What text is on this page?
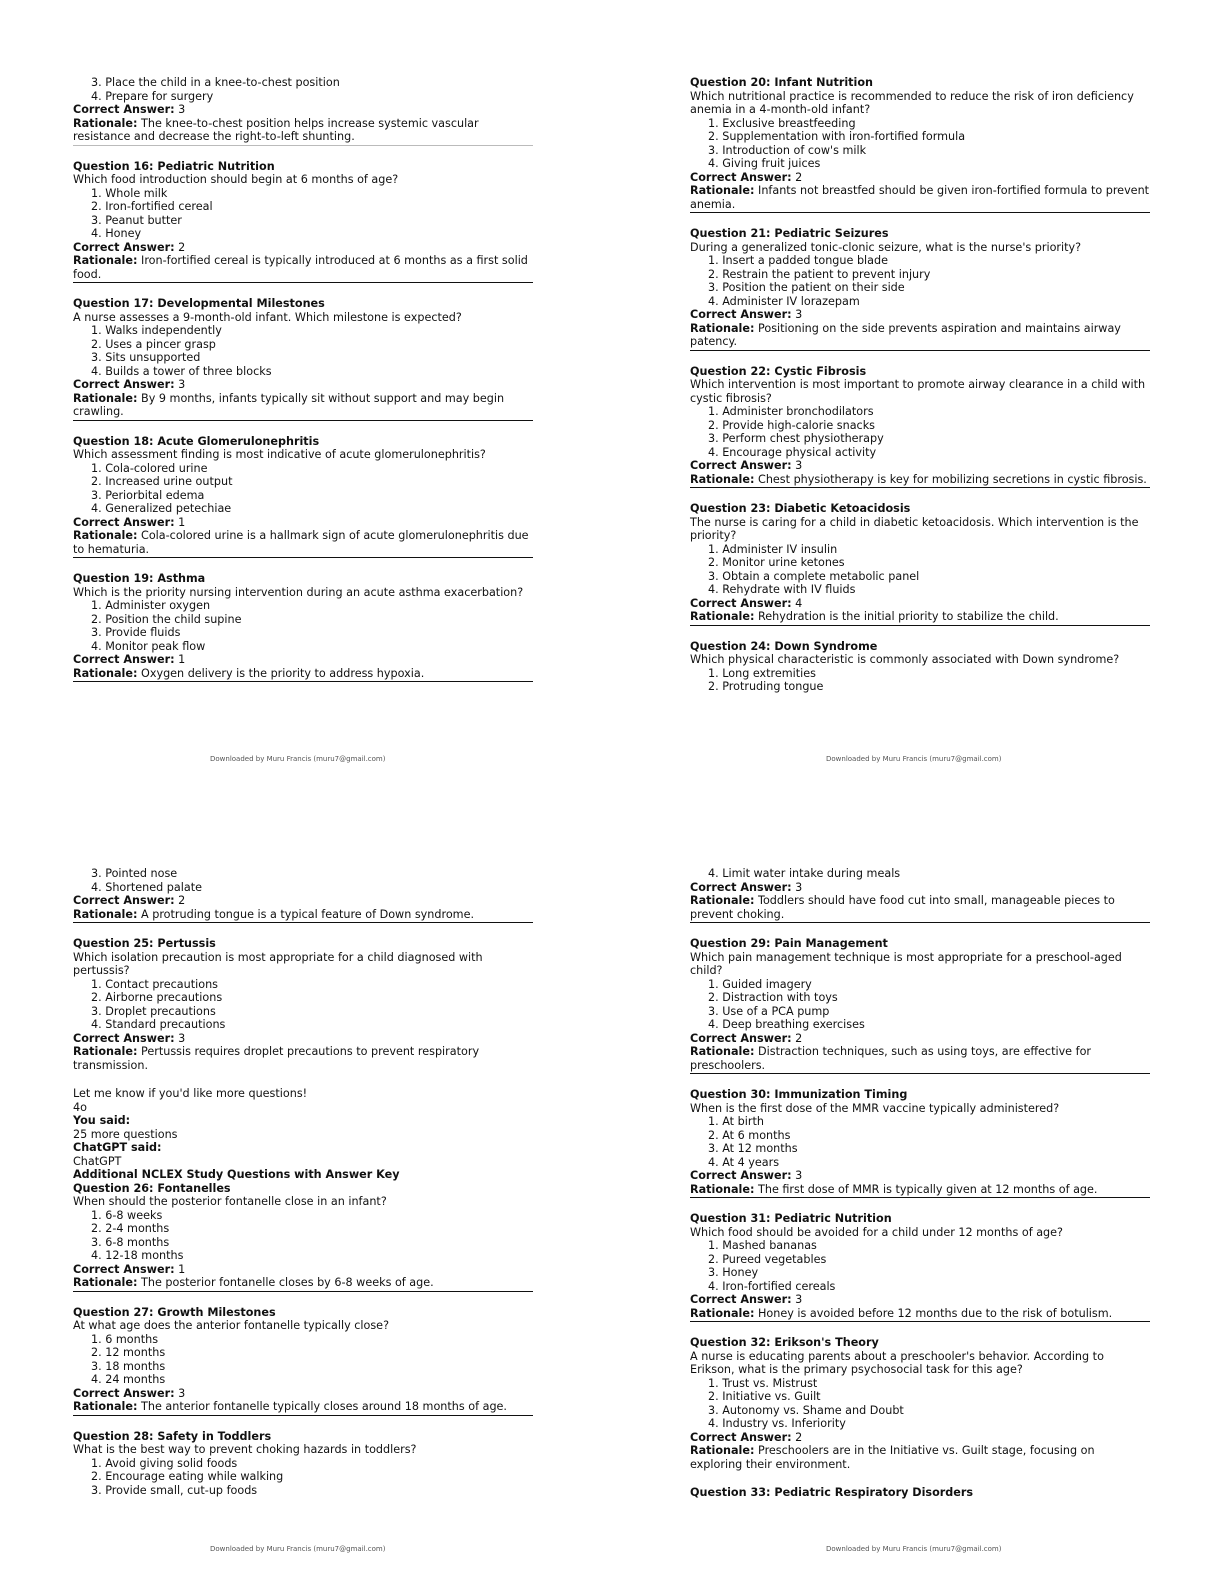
3. Place the child in a knee-to-chest position
4. Prepare for surgery
Correct Answer: 3
Rationale: The knee-to-chest position helps increase systemic vascular resistance and decrease the right-to-left shunting.
Question 16: Pediatric Nutrition
Which food introduction should begin at 6 months of age?
1. Whole milk
2. Iron-fortified cereal
3. Peanut butter
4. Honey
Correct Answer: 2
Rationale: Iron-fortified cereal is typically introduced at 6 months as a first solid food.
Question 17: Developmental Milestones
A nurse assesses a 9-month-old infant. Which milestone is expected?
1. Walks independently
2. Uses a pincer grasp
3. Sits unsupported
4. Builds a tower of three blocks
Correct Answer: 3
Rationale: By 9 months, infants typically sit without support and may begin crawling.
Question 18: Acute Glomerulonephritis
Which assessment finding is most indicative of acute glomerulonephritis?
1. Cola-colored urine
2. Increased urine output
3. Periorbital edema
4. Generalized petechiae
Correct Answer: 1
Rationale: Cola-colored urine is a hallmark sign of acute glomerulonephritis due to hematuria.
Question 19: Asthma
Which is the priority nursing intervention during an acute asthma exacerbation?
1. Administer oxygen
2. Position the child supine
3. Provide fluids
4. Monitor peak flow
Correct Answer: 1
Rationale: Oxygen delivery is the priority to address hypoxia.
Downloaded by Muru Francis (muru7@gmail.com)
Question 20: Infant Nutrition
Which nutritional practice is recommended to reduce the risk of iron deficiency anemia in a 4-month-old infant?
1. Exclusive breastfeeding
2. Supplementation with iron-fortified formula
3. Introduction of cow's milk
4. Giving fruit juices
Correct Answer: 2
Rationale: Infants not breastfed should be given iron-fortified formula to prevent anemia.
Question 21: Pediatric Seizures
During a generalized tonic-clonic seizure, what is the nurse's priority?
1. Insert a padded tongue blade
2. Restrain the patient to prevent injury
3. Position the patient on their side
4. Administer IV lorazepam
Correct Answer: 3
Rationale: Positioning on the side prevents aspiration and maintains airway patency.
Question 22: Cystic Fibrosis
Which intervention is most important to promote airway clearance in a child with cystic fibrosis?
1. Administer bronchodilators
2. Provide high-calorie snacks
3. Perform chest physiotherapy
4. Encourage physical activity
Correct Answer: 3
Rationale: Chest physiotherapy is key for mobilizing secretions in cystic fibrosis.
Question 23: Diabetic Ketoacidosis
The nurse is caring for a child in diabetic ketoacidosis. Which intervention is the priority?
1. Administer IV insulin
2. Monitor urine ketones
3. Obtain a complete metabolic panel
4. Rehydrate with IV fluids
Correct Answer: 4
Rationale: Rehydration is the initial priority to stabilize the child.
Question 24: Down Syndrome
Which physical characteristic is commonly associated with Down syndrome?
1. Long extremities
2. Protruding tongue
Downloaded by Muru Francis (muru7@gmail.com)
3. Pointed nose
4. Shortened palate
Correct Answer: 2
Rationale: A protruding tongue is a typical feature of Down syndrome.
Question 25: Pertussis
Which isolation precaution is most appropriate for a child diagnosed with pertussis?
1. Contact precautions
2. Airborne precautions
3. Droplet precautions
4. Standard precautions
Correct Answer: 3
Rationale: Pertussis requires droplet precautions to prevent respiratory transmission.
Let me know if you'd like more questions!
4o
You said:
25 more questions
ChatGPT said:
ChatGPT
Additional NCLEX Study Questions with Answer Key
Question 26: Fontanelles
When should the posterior fontanelle close in an infant?
1. 6-8 weeks
2. 2-4 months
3. 6-8 months
4. 12-18 months
Correct Answer: 1
Rationale: The posterior fontanelle closes by 6-8 weeks of age.
Question 27: Growth Milestones
At what age does the anterior fontanelle typically close?
1. 6 months
2. 12 months
3. 18 months
4. 24 months
Correct Answer: 3
Rationale: The anterior fontanelle typically closes around 18 months of age.
Question 28: Safety in Toddlers
What is the best way to prevent choking hazards in toddlers?
1. Avoid giving solid foods
2. Encourage eating while walking
3. Provide small, cut-up foods
Downloaded by Muru Francis (muru7@gmail.com)
4. Limit water intake during meals
Correct Answer: 3
Rationale: Toddlers should have food cut into small, manageable pieces to prevent choking.
Question 29: Pain Management
Which pain management technique is most appropriate for a preschool-aged child?
1. Guided imagery
2. Distraction with toys
3. Use of a PCA pump
4. Deep breathing exercises
Correct Answer: 2
Rationale: Distraction techniques, such as using toys, are effective for preschoolers.
Question 30: Immunization Timing
When is the first dose of the MMR vaccine typically administered?
1. At birth
2. At 6 months
3. At 12 months
4. At 4 years
Correct Answer: 3
Rationale: The first dose of MMR is typically given at 12 months of age.
Question 31: Pediatric Nutrition
Which food should be avoided for a child under 12 months of age?
1. Mashed bananas
2. Pureed vegetables
3. Honey
4. Iron-fortified cereals
Correct Answer: 3
Rationale: Honey is avoided before 12 months due to the risk of botulism.
Question 32: Erikson's Theory
A nurse is educating parents about a preschooler's behavior. According to Erikson, what is the primary psychosocial task for this age?
1. Trust vs. Mistrust
2. Initiative vs. Guilt
3. Autonomy vs. Shame and Doubt
4. Industry vs. Inferiority
Correct Answer: 2
Rationale: Preschoolers are in the Initiative vs. Guilt stage, focusing on exploring their environment.
Question 33: Pediatric Respiratory Disorders
Downloaded by Muru Francis (muru7@gmail.com)
